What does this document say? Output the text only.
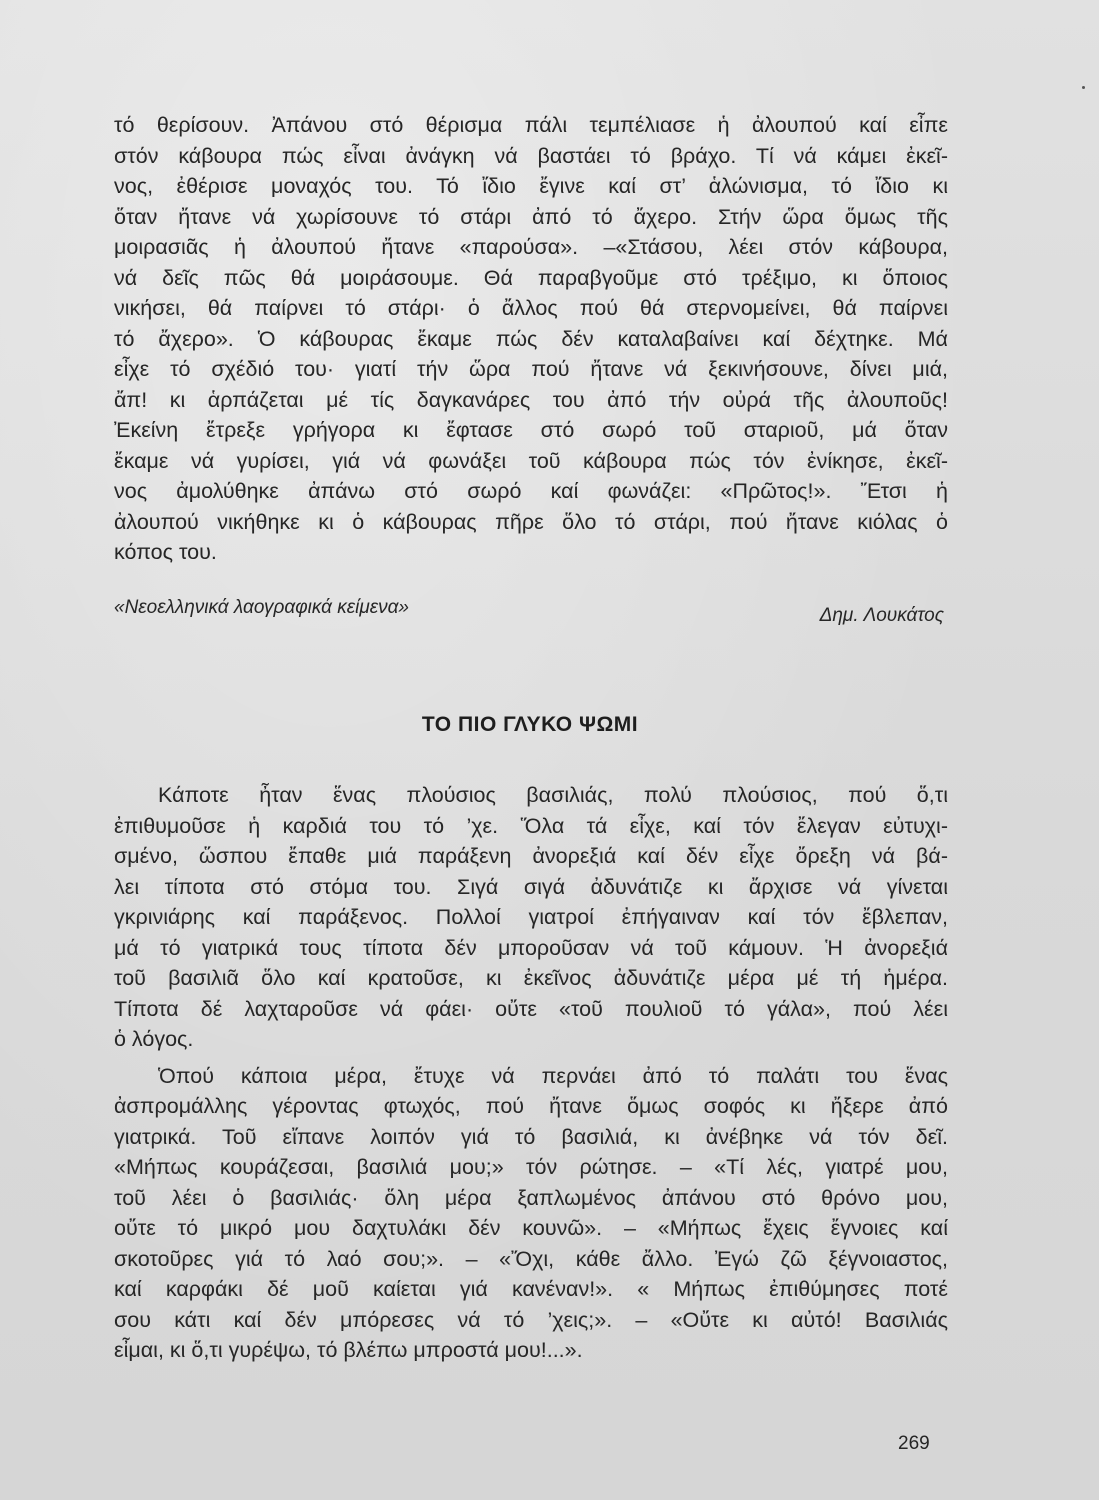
τό θερίσουν. Ἀπάνου στό θέρισμα πάλι τεμπέλιασε ἡ ἀλουπού καί εἶπε
στόν κάβουρα πώς εἶναι ἀνάγκη νά βαστάει τό βράχο. Τί νά κάμει ἐκεῖ-
νος, ἐθέρισε μοναχός του. Τό ἴδιο ἔγινε καί στ’ ἁλώνισμα, τό ἴδιο κι
ὅταν ἤτανε νά χωρίσουνε τό στάρι ἀπό τό ἄχερο. Στήν ὥρα ὅμως τῆς
μοιρασιᾶς ἡ ἀλουπού ἤτανε «παρούσα». –«Στάσου, λέει στόν κάβουρα,
νά δεῖς πῶς θά μοιράσουμε. Θά παραβγοῦμε στό τρέξιμο, κι ὅποιος
νικήσει, θά παίρνει τό στάρι· ὁ ἄλλος πού θά στερνομείνει, θά παίρνει
τό ἄχερο». Ὁ κάβουρας ἔκαμε πώς δέν καταλαβαίνει καί δέχτηκε. Μά
εἶχε τό σχέδιό του· γιατί τήν ὥρα πού ἤτανε νά ξεκινήσουνε, δίνει μιά,
ἄπ! κι ἁρπάζεται μέ τίς δαγκανάρες του ἀπό τήν οὐρά τῆς ἀλουποῦς!
Ἐκείνη ἔτρεξε γρήγορα κι ἔφτασε στό σωρό τοῦ σταριοῦ, μά ὅταν
ἔκαμε νά γυρίσει, γιά νά φωνάξει τοῦ κάβουρα πώς τόν ἐνίκησε, ἐκεῖ-
νος ἀμολύθηκε ἀπάνω στό σωρό καί φωνάζει: «Πρῶτος!». Ἔτσι ἡ
ἀλουπού νικήθηκε κι ὁ κάβουρας πῆρε ὅλο τό στάρι, πού ἤτανε κιόλας ὁ
κόπος του.
«Νεοελληνικά λαογραφικά κείμενα»	Δημ. Λουκάτος
ΤΟ ΠΙΟ ΓΛΥΚΟ ΨΩΜΙ
Κάποτε ἦταν ἕνας πλούσιος βασιλιάς, πολύ πλούσιος, πού ὅ,τι
ἐπιθυμοῦσε ἡ καρδιά του τό ’χε. Ὅλα τά εἶχε, καί τόν ἔλεγαν εὐτυχι-
σμένο, ὥσπου ἔπαθε μιά παράξενη ἀνορεξιά καί δέν εἶχε ὄρεξη νά βά-
λει τίποτα στό στόμα του. Σιγά σιγά ἀδυνάτιζε κι ἄρχισε νά γίνεται
γκρινιάρης καί παράξενος. Πολλοί γιατροί ἐπήγαιναν καί τόν ἔβλεπαν,
μά τό γιατρικά τους τίποτα δέν μποροῦσαν νά τοῦ κάμουν. Ἡ ἀνορεξιά
τοῦ βασιλιᾶ ὅλο καί κρατοῦσε, κι ἐκεῖνος ἀδυνάτιζε μέρα μέ τή ἡμέρα.
Τίποτα δέ λαχταροῦσε νά φάει· οὔτε «τοῦ πουλιοῦ τό γάλα», πού λέει
ὁ λόγος.
Ὁπού κάποια μέρα, ἔτυχε νά περνάει ἀπό τό παλάτι του ἕνας
ἀσπρομάλλης γέροντας φτωχός, πού ἤτανε ὅμως σοφός κι ἤξερε ἀπό
γιατρικά. Τοῦ εἴπανε λοιπόν γιά τό βασιλιά, κι ἀνέβηκε νά τόν δεῖ.
«Μήπως κουράζεσαι, βασιλιά μου;» τόν ρώτησε. – «Τί λές, γιατρέ μου,
τοῦ λέει ὁ βασιλιάς· ὅλη μέρα ξαπλωμένος ἀπάνου στό θρόνο μου,
οὔτε τό μικρό μου δαχτυλάκι δέν κουνῶ». – «Μήπως ἔχεις ἔγνοιες καί
σκοτοῦρες γιά τό λαό σου;». – «Ὄχι, κάθε ἄλλο. Ἐγώ ζῶ ξέγνοιαστος,
καί καρφάκι δέ μοῦ καίεται γιά κανέναν!». « Μήπως ἐπιθύμησες ποτέ
σου κάτι καί δέν μπόρεσες νά τό ’χεις;». – «Οὔτε κι αὐτό! Βασιλιάς
εἶμαι, κι ὅ,τι γυρέψω, τό βλέπω μπροστά μου!...».
269
